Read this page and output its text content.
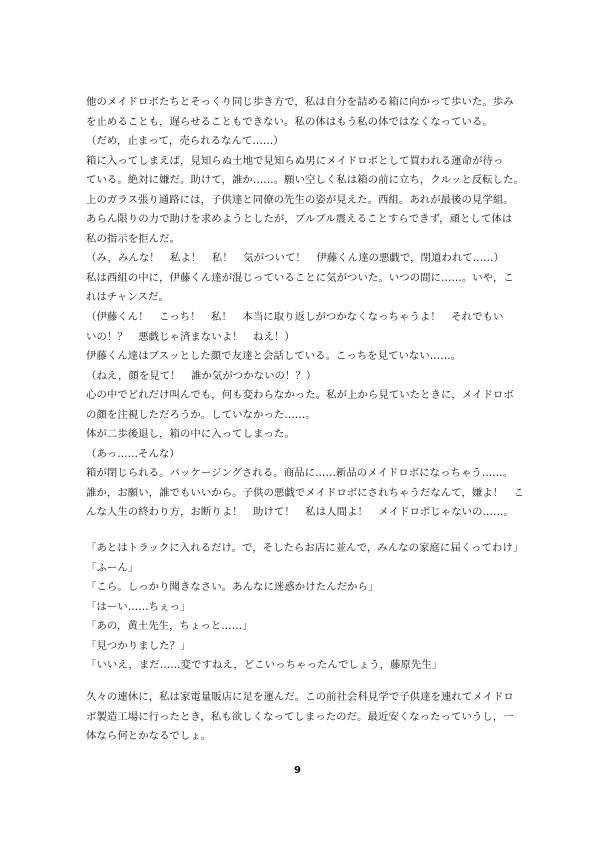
他のメイドロボたちとそっくり同じ歩き方で，私は自分を詰める箱に向かって歩いた。歩み
を止めることも，遅らせることもできない。私の体はもう私の体ではなくなっている。
（だめ，止まって，売られるなんて……）
箱に入ってしまえば，見知らぬ土地で見知らぬ男にメイドロボとして買われる運命が待っ
ている。絶対に嫌だ。助けて，誰か……。願い空しく私は箱の前に立ち，クルッと反転した。
上のガラス張り通路には，子供達と同僚の先生の姿が見えた。西組。あれが最後の見学組。
あらん限りの力で助けを求めようとしたが，ブルブル震えることすらできず，頑として体は
私の指示を拒んだ。
（み，みんな！　私よ！　私！　気がついて！　伊藤くん達の悪戯で，閉道われて……）
私は西組の中に，伊藤くん達が混じっていることに気がついた。いつの間に……。いや，こ
れはチャンスだ。
（伊藤くん！　こっち！　私！　本当に取り返しがつかなくなっちゃうよ！　それでもい
いの！？　悪戯じゃ済まないよ！　ねえ！）
伊藤くん達はブスッとした顔で友達と会話している。こっちを見ていない……。
（ねえ，顔を見て！　誰か気がつかないの！？）
心の中でどれだけ叫んでも，何も変わらなかった。私が上から見ていたときに，メイドロボ
の顔を注視しただろうか。していなかった……。
体が二歩後退し，箱の中に入ってしまった。
（あっ……そんな）
箱が閉じられる。パッケージングされる。商品に……新品のメイドロボになっちゃう……。
誰か，お願い，誰でもいいから。子供の悪戯でメイドロボにされちゃうだなんて，嫌よ！　こ
んな人生の終わり方，お断りよ！　助けて！　私は人間よ！　メイドロボじゃないの……。
「あとはトラックに入れるだけ。で，そしたらお店に並んで，みんなの家庭に届くってわけ」
「ふーん」
「こら。しっかり聞きなさい。あんなに迷惑かけたんだから」
「はーい……ちぇっ」
「あの，黄土先生，ちょっと……」
「見つかりました？」
「いいえ，まだ……変ですねえ，どこいっちゃったんでしょう，藤原先生」
久々の連休に，私は家電量販店に足を運んだ。この前社会科見学で子供達を連れてメイドロ
ボ製造工場に行ったとき，私も欲しくなってしまったのだ。最近安くなったっていうし，一
体なら何とかなるでしょ。
9
